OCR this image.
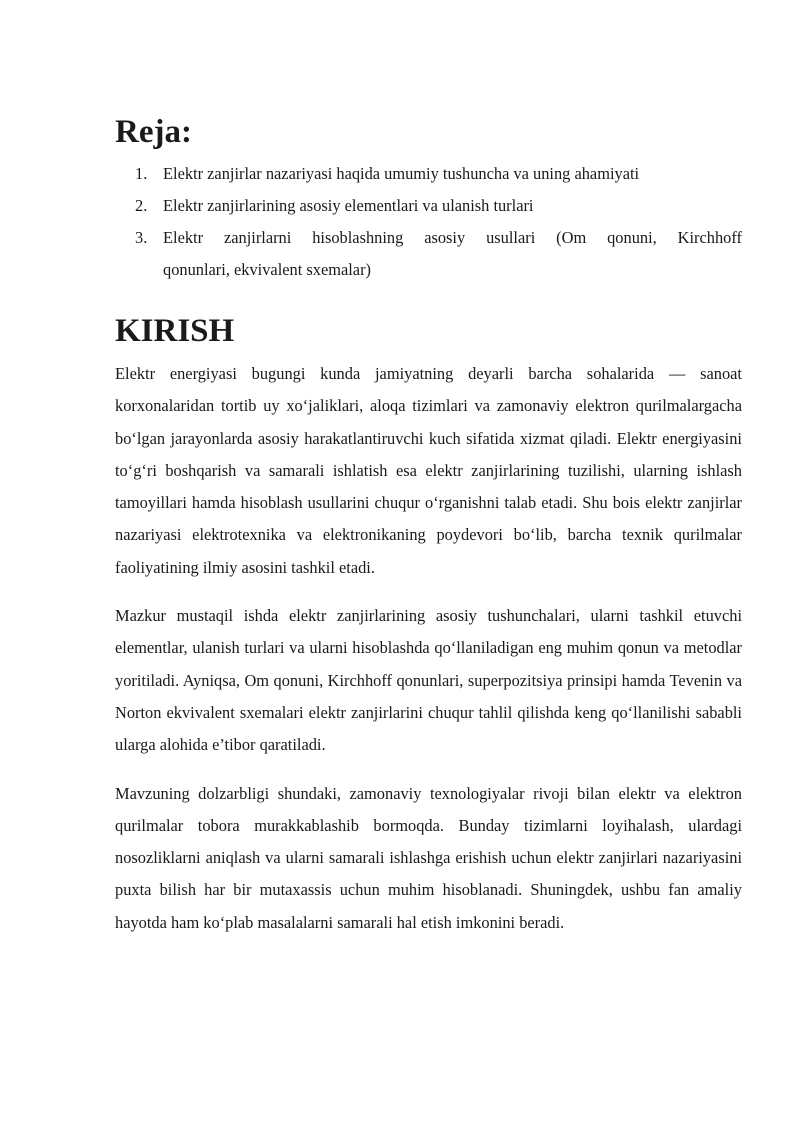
Reja:
1. Elektr zanjirlar nazariyasi haqida umumiy tushuncha va uning ahamiyati
2. Elektr zanjirlarining asosiy elementlari va ulanish turlari
3. Elektr zanjirlarni hisoblashning asosiy usullari (Om qonuni, Kirchhoff
qonunlari, ekvivalent sxemalar)
KIRISH

Elektr energiyasi bugungi kunda jamiyatning deyarli barcha sohalarida — sanoat korxonalaridan tortib uy xo‘jaliklari, aloqa tizimlari va zamonaviy elektron qurilmalargacha bo‘lgan jarayonlarda asosiy harakatlantiruvchi kuch sifatida xizmat qiladi. Elektr energiyasini to‘g‘ri boshqarish va samarali ishlatish esa elektr zanjirlarining tuzilishi, ularning ishlash tamoyillari hamda hisoblash usullarini chuqur o‘rganishni talab etadi. Shu bois elektr zanjirlar nazariyasi elektrotexnika va elektronikaning poydevori bo‘lib, barcha texnik qurilmalar faoliyatining ilmiy asosini tashkil etadi.

Mazkur mustaqil ishda elektr zanjirlarining asosiy tushunchalari, ularni tashkil etuvchi elementlar, ulanish turlari va ularni hisoblashda qo‘llaniladigan eng muhim qonun va metodlar yoritiladi. Ayniqsa, Om qonuni, Kirchhoff qonunlari, superpozitsiya prinsipi hamda Tevenin va Norton ekvivalent sxemalari elektr zanjirlarini chuqur tahlil qilishda keng qo‘llanilishi sababli ularga alohida e’tibor qaratiladi.

Mavzuning dolzarbligi shundaki, zamonaviy texnologiyalar rivoji bilan elektr va elektron qurilmalar tobora murakkablashib bormoqda. Bunday tizimlarni loyihalash, ulardagi nosozliklarni aniqlash va ularni samarali ishlashga erishish uchun elektr zanjirlari nazariyasini puxta bilish har bir mutaxassis uchun muhim hisoblanadi. Shuningdek, ushbu fan amaliy hayotda ham ko‘plab masalalarni samarali hal etish imkonini beradi.
